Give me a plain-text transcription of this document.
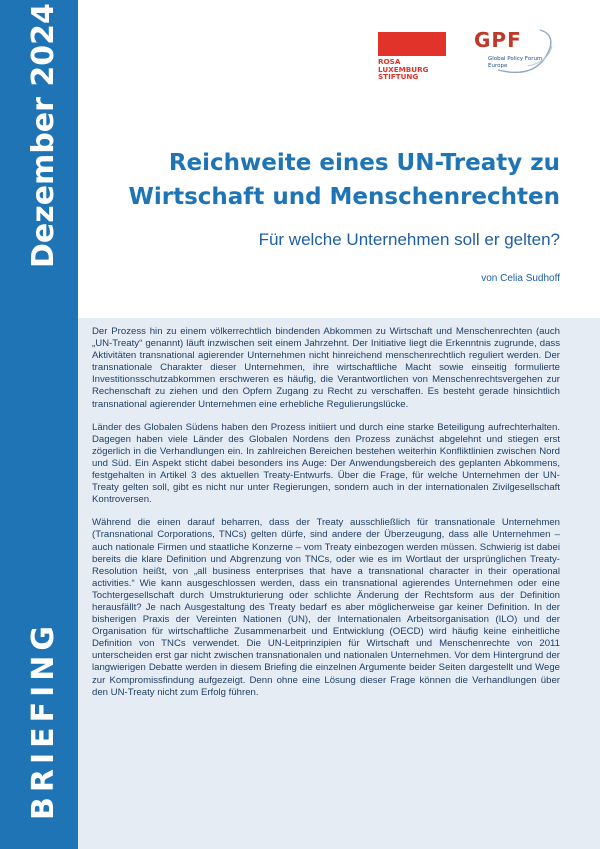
Dezember 2024
BRIEFING
ROSA
LUXEMBURG
STIFTUNG
GPF
Global Policy Forum
Europe
Reichweite eines UN-Treaty zu
Wirtschaft und Menschenrechten
Für welche Unternehmen soll er gelten?
von Celia Sudhoff

Der Prozess hin zu einem völkerrechtlich bindenden Abkommen zu Wirtschaft und Menschenrechten (auch „UN-Treaty“ genannt) läuft inzwischen seit einem Jahrzehnt. Der Initiative liegt die Erkenntnis zugrunde, dass Aktivitäten transnational agierender Unternehmen nicht hinreichend menschenrechtlich reguliert werden. Der transnationale Charakter dieser Unternehmen, ihre wirtschaftliche Macht sowie einseitig formulierte Investitionsschutzabkommen erschweren es häufig, die Verantwortlichen von Menschenrechtsvergehen zur Rechenschaft zu ziehen und den Opfern Zugang zu Recht zu verschaffen. Es besteht gerade hinsichtlich transnational agierender Unternehmen eine erhebliche Regulierungslücke.

Länder des Globalen Südens haben den Prozess initiiert und durch eine starke Beteiligung aufrechterhalten. Dagegen haben viele Länder des Globalen Nordens den Prozess zunächst abgelehnt und stiegen erst zögerlich in die Verhandlungen ein. In zahlreichen Bereichen bestehen weiterhin Konfliktlinien zwischen Nord und Süd. Ein Aspekt sticht dabei besonders ins Auge: Der Anwendungsbereich des geplanten Abkommens, festgehalten in Artikel 3 des aktuellen Treaty-Entwurfs. Über die Frage, für welche Unternehmen der UN-Treaty gelten soll, gibt es nicht nur unter Regierungen, sondern auch in der internationalen Zivilgesellschaft Kontroversen.

Während die einen darauf beharren, dass der Treaty ausschließlich für transnationale Unternehmen (Transnational Corporations, TNCs) gelten dürfe, sind andere der Überzeugung, dass alle Unternehmen – auch nationale Firmen und staatliche Konzerne – vom Treaty einbezogen werden müssen. Schwierig ist dabei bereits die klare Definition und Abgrenzung von TNCs, oder wie es im Wortlaut der ursprünglichen Treaty-Resolution heißt, von „all business enterprises that have a transnational character in their operational activities.“ Wie kann ausgeschlossen werden, dass ein transnational agierendes Unternehmen oder eine Tochtergesellschaft durch Umstrukturierung oder schlichte Änderung der Rechtsform aus der Definition herausfällt? Je nach Ausgestaltung des Treaty bedarf es aber möglicherweise gar keiner Definition. In der bisherigen Praxis der Vereinten Nationen (UN), der Internationalen Arbeitsorganisation (ILO) und der Organisation für wirtschaftliche Zusammenarbeit und Entwicklung (OECD) wird häufig keine einheitliche Definition von TNCs verwendet. Die UN-Leitprinzipien für Wirtschaft und Menschenrechte von 2011 unterscheiden erst gar nicht zwischen transnationalen und nationalen Unternehmen. Vor dem Hintergrund der langwierigen Debatte werden in diesem Briefing die einzelnen Argumente beider Seiten dargestellt und Wege zur Kompromissfindung aufgezeigt. Denn ohne eine Lösung dieser Frage können die Verhandlungen über den UN-Treaty nicht zum Erfolg führen.
